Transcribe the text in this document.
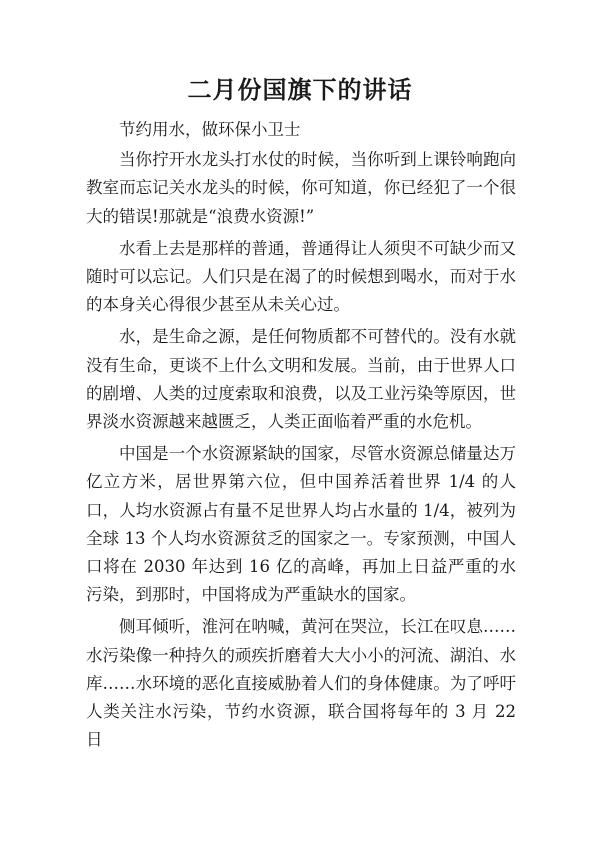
二月份国旗下的讲话

节约用水，做环保小卫士

当你拧开水龙头打水仗的时候，当你听到上课铃响跑向教室而忘记关水龙头的时候，你可知道，你已经犯了一个很大的错误!那就是“浪费水资源!”

水看上去是那样的普通，普通得让人须臾不可缺少而又随时可以忘记。人们只是在渴了的时候想到喝水，而对于水的本身关心得很少甚至从未关心过。

水，是生命之源，是任何物质都不可替代的。没有水就没有生命，更谈不上什么文明和发展。当前，由于世界人口的剧增、人类的过度索取和浪费，以及工业污染等原因，世界淡水资源越来越匮乏，人类正面临着严重的水危机。

中国是一个水资源紧缺的国家，尽管水资源总储量达万亿立方米，居世界第六位，但中国养活着世界 1/4 的人口，人均水资源占有量不足世界人均占水量的 1/4，被列为全球 13 个人均水资源贫乏的国家之一。专家预测，中国人口将在 2030 年达到 16 亿的高峰，再加上日益严重的水污染，到那时，中国将成为严重缺水的国家。

侧耳倾听，淮河在呐喊，黄河在哭泣，长江在叹息……水污染像一种持久的顽疾折磨着大大小小的河流、湖泊、水库……水环境的恶化直接威胁着人们的身体健康。为了呼吁人类关注水污染，节约水资源，联合国将每年的 3 月 22 日
